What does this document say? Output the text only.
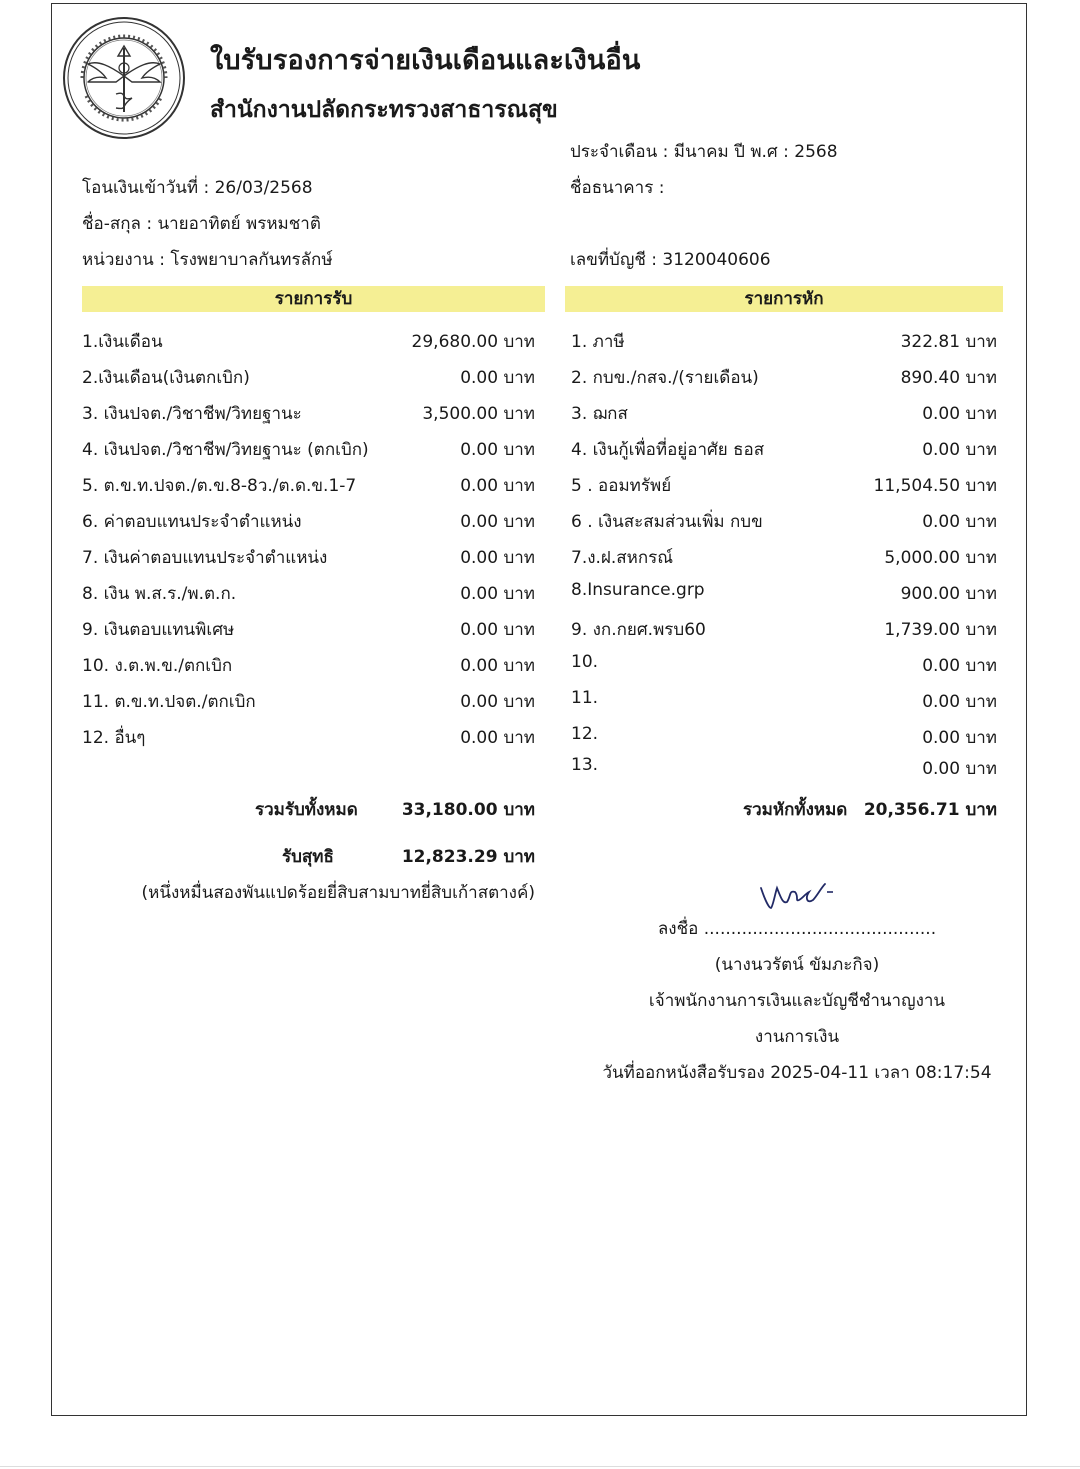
ใบรับรองการจ่ายเงินเดือนและเงินอื่น
สำนักงานปลัดกระทรวงสาธารณสุข
ประจำเดือน : มีนาคม ปี พ.ศ : 2568
โอนเงินเข้าวันที่ : 26/03/2568	ชื่อธนาคาร :
ชื่อ-สกุล : นายอาทิตย์ พรหมชาติ
หน่วยงาน : โรงพยาบาลกันทรลักษ์	เลขที่บัญชี : 3120040606
รายการรับ	รายการหัก
1.เงินเดือน	29,680.00 บาท
2.เงินเดือน(เงินตกเบิก)	0.00 บาท
3. เงินปจต./วิชาชีพ/วิทยฐานะ	3,500.00 บาท
4. เงินปจต./วิชาชีพ/วิทยฐานะ (ตกเบิก)	0.00 บาท
5. ต.ข.ท.ปจต./ต.ข.8-8ว./ต.ด.ข.1-7	0.00 บาท
6. ค่าตอบแทนประจำตำแหน่ง	0.00 บาท
7. เงินค่าตอบแทนประจำตำแหน่ง	0.00 บาท
8. เงิน พ.ส.ร./พ.ต.ก.	0.00 บาท
9. เงินตอบแทนพิเศษ	0.00 บาท
10. ง.ต.พ.ข./ตกเบิก	0.00 บาท
11. ต.ข.ท.ปจต./ตกเบิก	0.00 บาท
12. อื่นๆ	0.00 บาท
1. ภาษี	322.81 บาท
2. กบข./กสจ./(รายเดือน)	890.40 บาท
3. ฌกส	0.00 บาท
4. เงินกู้เพื่อที่อยู่อาศัย ธอส	0.00 บาท
5 . ออมทรัพย์	11,504.50 บาท
6 . เงินสะสมส่วนเพิ่ม กบข	0.00 บาท
7.ง.ฝ.สหกรณ์	5,000.00 บาท
8.Insurance.grp	900.00 บาท
9. งก.กยศ.พรบ60	1,739.00 บาท
10.	0.00 บาท
11.	0.00 บาท
12.	0.00 บาท
13.	0.00 บาท
รวมรับทั้งหมด	33,180.00 บาท	รวมหักทั้งหมด 20,356.71 บาท
รับสุทธิ	12,823.29 บาท
(หนึ่งหมื่นสองพันแปดร้อยยี่สิบสามบาทยี่สิบเก้าสตางค์)
ลงชื่อ ...........................................
(นางนวรัตน์ ขัมภะกิจ)
เจ้าพนักงานการเงินและบัญชีชำนาญงาน
งานการเงิน
วันที่ออกหนังสือรับรอง 2025-04-11 เวลา 08:17:54
